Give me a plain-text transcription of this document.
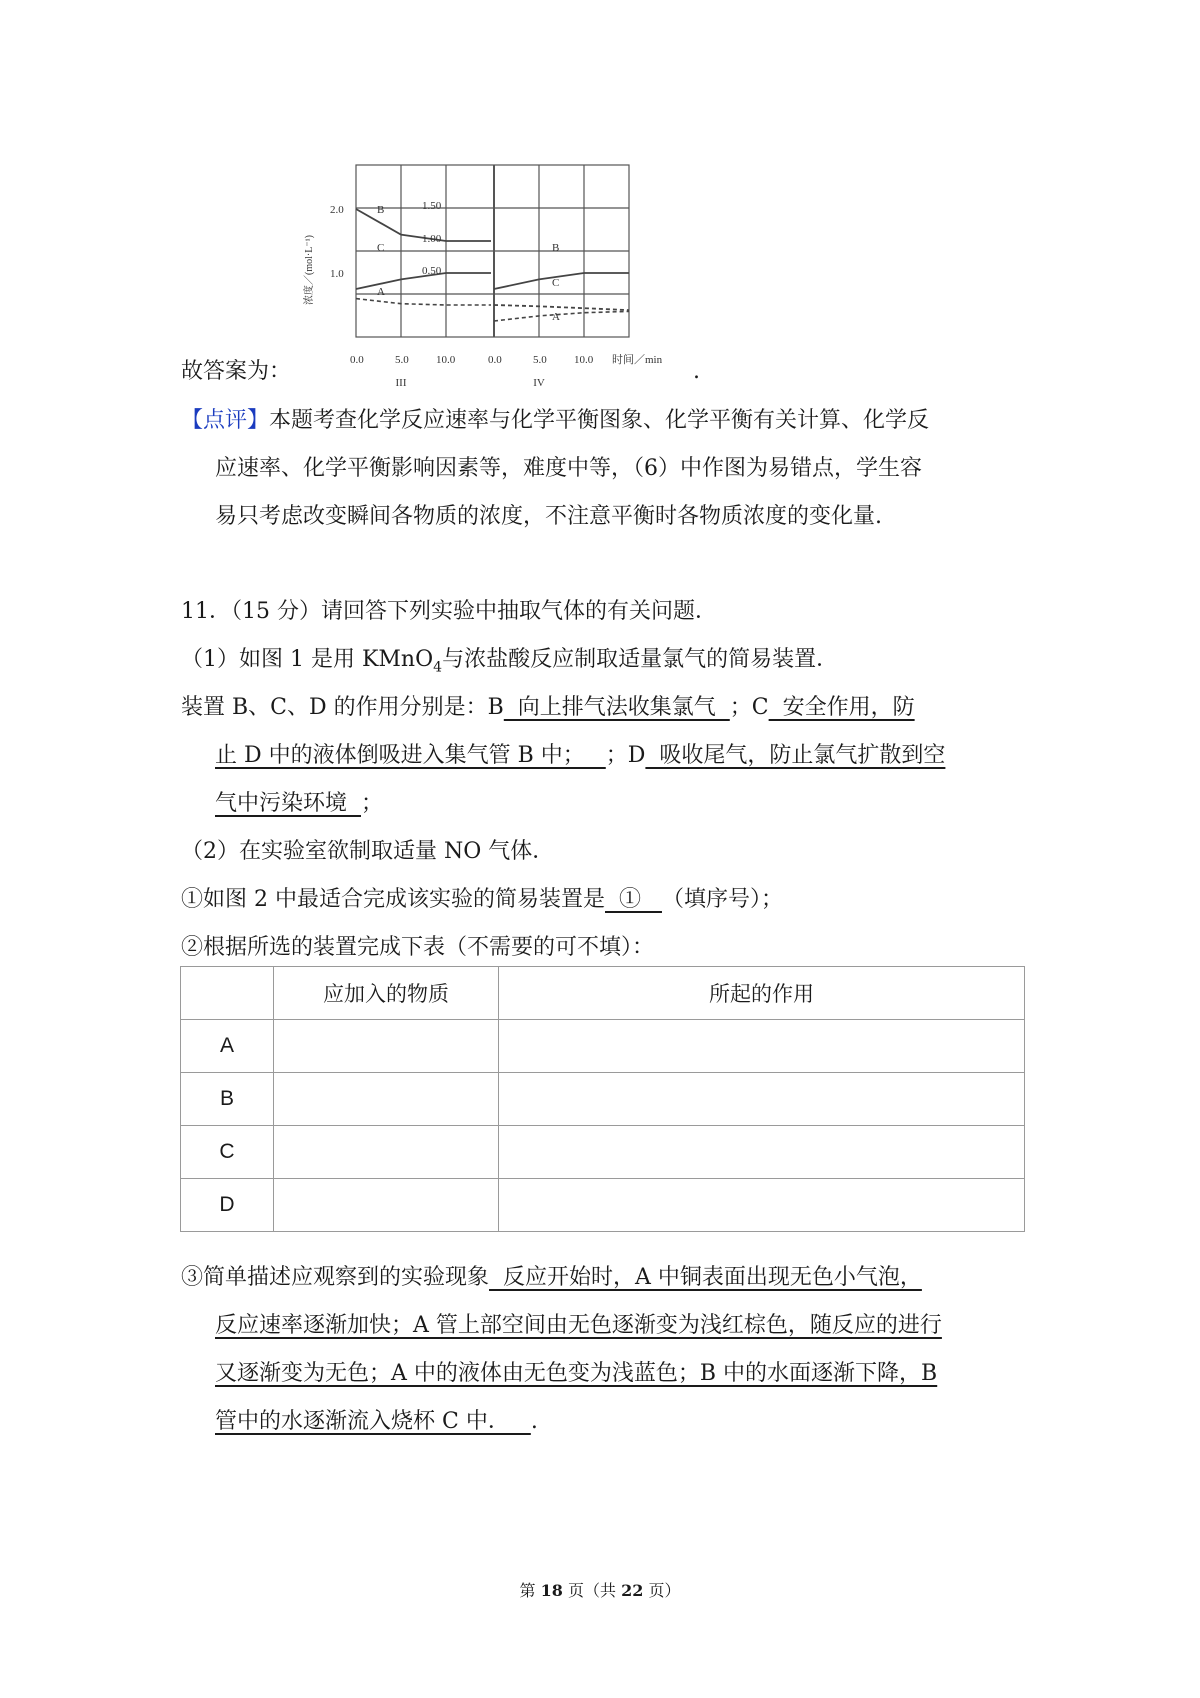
2.0
1.0
浓度／(mol·L⁻¹)
0.0	5.0 10.0	0.0	5.0 10.0 时间／min
III	IV
B
C
A
B
C
A
1.50
1.00
0.50
故答案为：	.
【点评】本题考查化学反应速率与化学平衡图象、化学平衡有关计算、化学反
应速率、化学平衡影响因素等，难度中等，（6）中作图为易错点，学生容
易只考虑改变瞬间各物质的浓度，不注意平衡时各物质浓度的变化量.
11．（15 分）请回答下列实验中抽取气体的有关问题．
（1）如图 1 是用 KMnO$_4$与浓盐酸反应制取适量氯气的简易装置．
装置 B、C、D 的作用分别是：B  向上排气法收集氯气  ；C  安全作用，防
止 D 中的液体倒吸进入集气管 B 中；   ；D  吸收尾气，防止氯气扩散到空
气中污染环境  ；
（2）在实验室欲制取适量 NO 气体．
①如图 2 中最适合完成该实验的简易装置是  ①   （填序号）；
②根据所选的装置完成下表（不需要的可不填）：
	应加入的物质	所起的作用
A		
B		
C		
D		
③简单描述应观察到的实验现象  反应开始时，A 中铜表面出现无色小气泡，
反应速率逐渐加快；A 管上部空间由无色逐渐变为浅红棕色，随反应的进行
又逐渐变为无色；A 中的液体由无色变为浅蓝色；B 中的水面逐渐下降，B
管中的水逐渐流入烧杯 C 中．   .
第 18 页（共 22 页）
